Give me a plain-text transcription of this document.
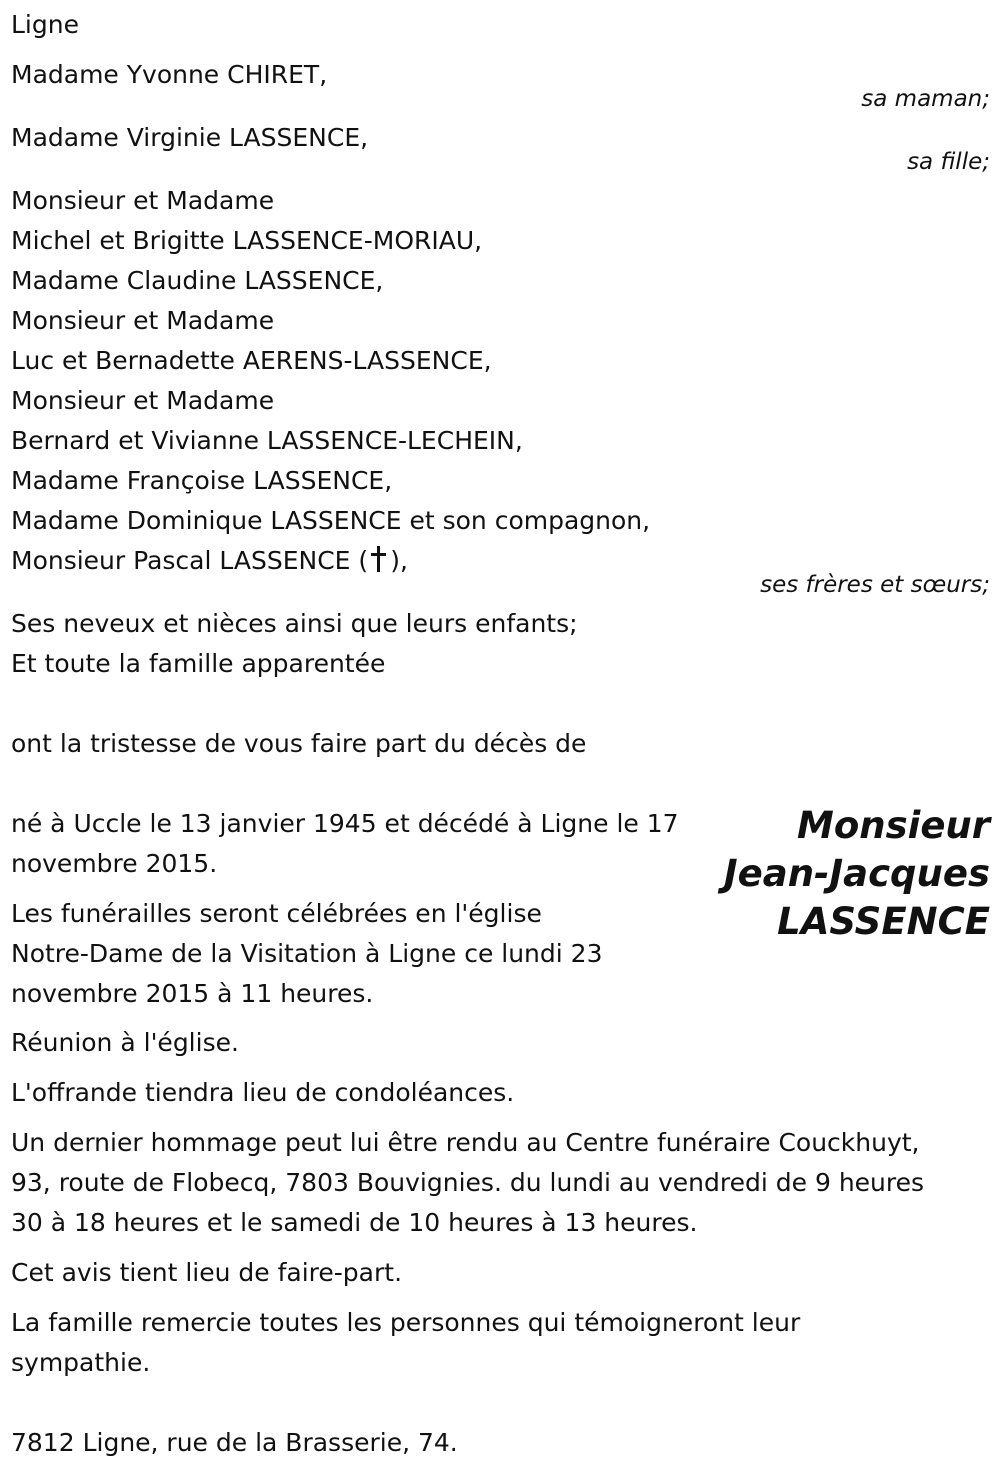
Ligne
Madame Yvonne CHIRET,
sa maman;
Madame Virginie LASSENCE,
sa fille;
Monsieur et Madame
Michel et Brigitte LASSENCE-MORIAU,
Madame Claudine LASSENCE,
Monsieur et Madame
Luc et Bernadette AERENS-LASSENCE,
Monsieur et Madame
Bernard et Vivianne LASSENCE-LECHEIN,
Madame Françoise LASSENCE,
Madame Dominique LASSENCE et son compagnon,
Monsieur Pascal LASSENCE ( ),
ses frères et sœurs;
Ses neveux et nièces ainsi que leurs enfants;
Et toute la famille apparentée
ont la tristesse de vous faire part du décès de
Monsieur
Jean-Jacques
LASSENCE
né à Uccle le 13 janvier 1945 et décédé à Ligne le 17
novembre 2015.
Les funérailles seront célébrées en l'église
Notre-Dame de la Visitation à Ligne ce lundi 23
novembre 2015 à 11 heures.
Réunion à l'église.
L'offrande tiendra lieu de condoléances.
Un dernier hommage peut lui être rendu au Centre funéraire Couckhuyt,
93, route de Flobecq, 7803 Bouvignies. du lundi au vendredi de 9 heures
30 à 18 heures et le samedi de 10 heures à 13 heures.
Cet avis tient lieu de faire-part.
La famille remercie toutes les personnes qui témoigneront leur
sympathie.
7812 Ligne, rue de la Brasserie, 74.
